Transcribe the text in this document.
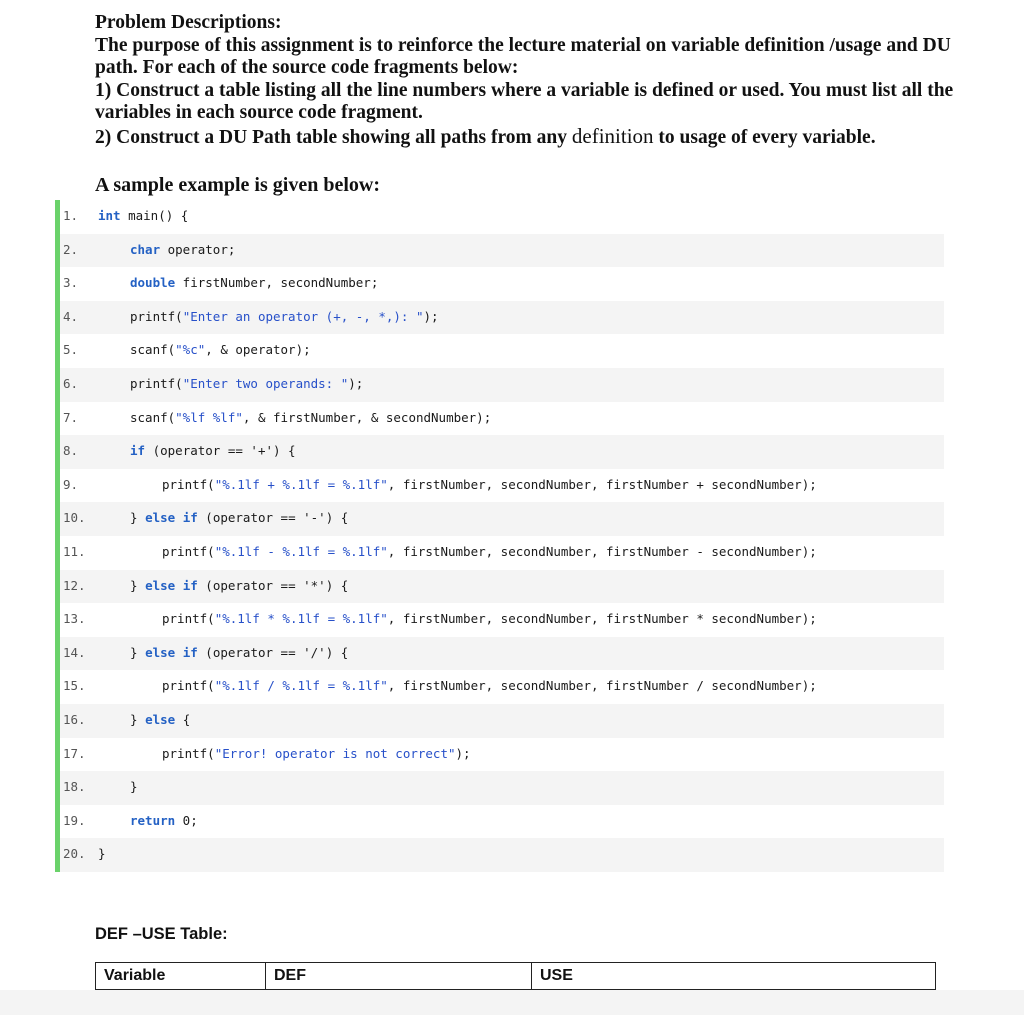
Problem Descriptions:
The purpose of this assignment is to reinforce the lecture material on variable definition /usage and DU
path. For each of the source code fragments below:
1) Construct a table listing all the line numbers where a variable is defined or used. You must list all the
variables in each source code fragment.
2) Construct a DU Path table showing all paths from any definition to usage of every variable.
A sample example is given below:
1. int main() {
2.	char operator;
3.	double firstNumber, secondNumber;
4.	printf("Enter an operator (+, -, *,): ");
5.	scanf("%c", & operator);
6.	printf("Enter two operands: ");
7.	scanf("%lf %lf", & firstNumber, & secondNumber);
8.	if (operator == '+') {
9.	printf("%.1lf + %.1lf = %.1lf", firstNumber, secondNumber, firstNumber + secondNumber);
10.	} else if (operator == '-') {
11.	printf("%.1lf - %.1lf = %.1lf", firstNumber, secondNumber, firstNumber - secondNumber);
12.	} else if (operator == '*') {
13.	printf("%.1lf * %.1lf = %.1lf", firstNumber, secondNumber, firstNumber * secondNumber);
14.	} else if (operator == '/') {
15.	printf("%.1lf / %.1lf = %.1lf", firstNumber, secondNumber, firstNumber / secondNumber);
16.	} else {
17.	printf("Error! operator is not correct");
18.	}
19.	return 0;
20. }
DEF –USE Table:
Variable	DEF	USE
